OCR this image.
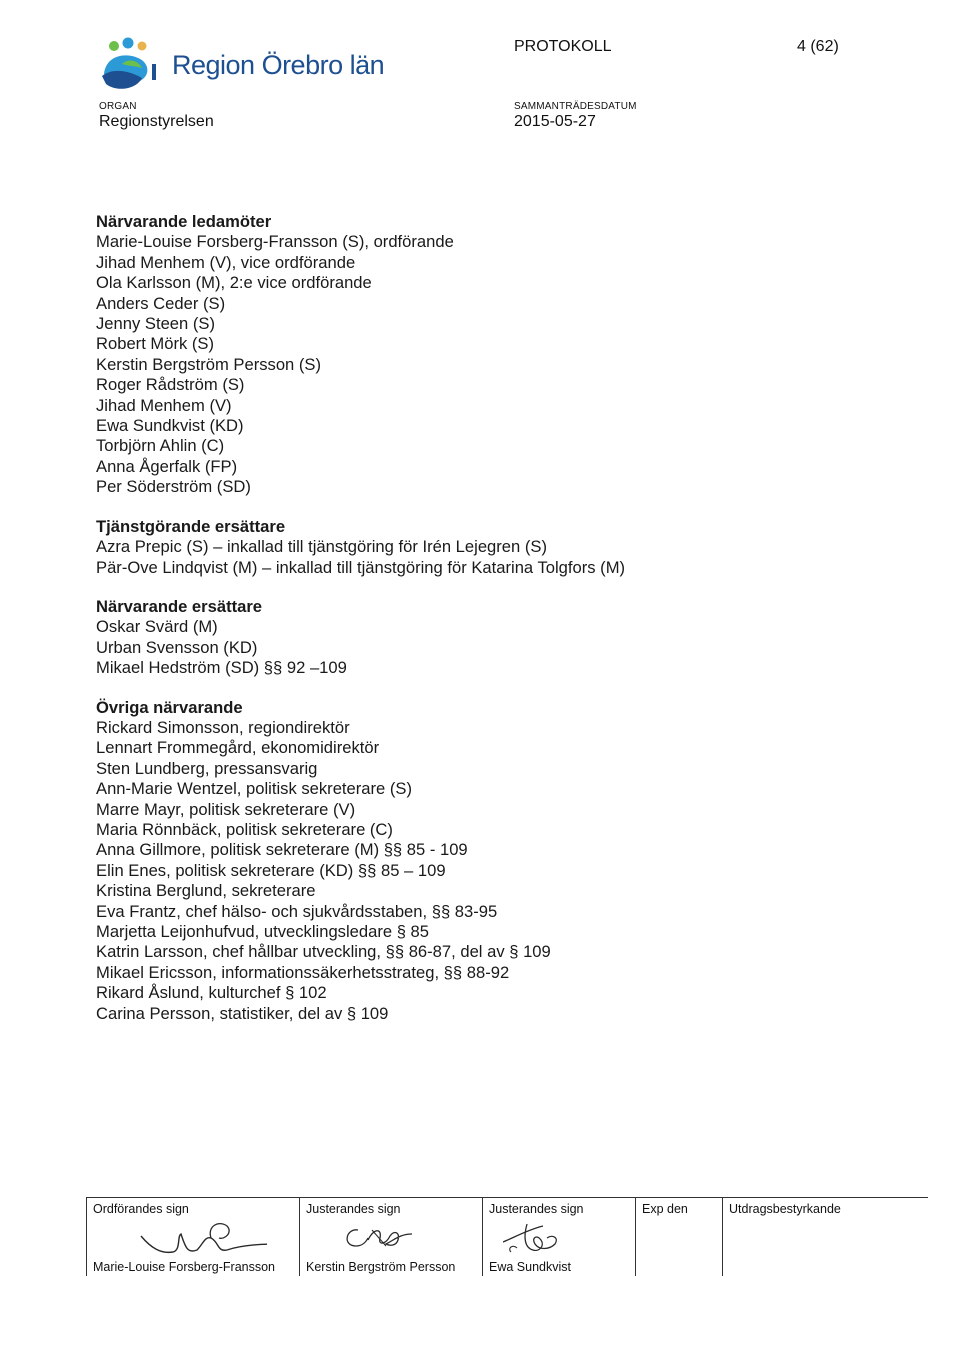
Region Örebro län
PROTOKOLL	4 (62)
ORGAN
Regionstyrelsen
SAMMANTRÄDESDATUM
2015-05-27
Närvarande ledamöter
Marie-Louise Forsberg-Fransson (S), ordförande
Jihad Menhem (V), vice ordförande
Ola Karlsson (M), 2:e vice ordförande
Anders Ceder (S)
Jenny Steen (S)
Robert Mörk (S)
Kerstin Bergström Persson (S)
Roger Rådström (S)
Jihad Menhem (V)
Ewa Sundkvist (KD)
Torbjörn Ahlin (C)
Anna Ågerfalk (FP)
Per Söderström (SD)
Tjänstgörande ersättare
Azra Prepic (S) – inkallad till tjänstgöring för Irén Lejegren (S)
Pär-Ove Lindqvist (M) – inkallad till tjänstgöring för Katarina Tolgfors (M)
Närvarande ersättare
Oskar Svärd (M)
Urban Svensson (KD)
Mikael Hedström (SD) §§ 92 –109
Övriga närvarande
Rickard Simonsson, regiondirektör
Lennart Frommegård, ekonomidirektör
Sten Lundberg, pressansvarig
Ann-Marie Wentzel, politisk sekreterare (S)
Marre Mayr, politisk sekreterare (V)
Maria Rönnbäck, politisk sekreterare (C)
Anna Gillmore, politisk sekreterare (M) §§ 85 - 109
Elin Enes, politisk sekreterare (KD) §§ 85 – 109
Kristina Berglund, sekreterare
Eva Frantz, chef hälso- och sjukvårdsstaben, §§ 83-95
Marjetta Leijonhufvud, utvecklingsledare § 85
Katrin Larsson, chef hållbar utveckling, §§ 86-87, del av § 109
Mikael Ericsson, informationssäkerhetsstrateg, §§ 88-92
Rikard Åslund, kulturchef § 102
Carina Persson, statistiker, del av § 109
Ordförandes sign
Marie-Louise Forsberg-Fransson
Justerandes sign
Kerstin Bergström Persson
Justerandes sign
Ewa Sundkvist
Exp den	Utdragsbestyrkande
